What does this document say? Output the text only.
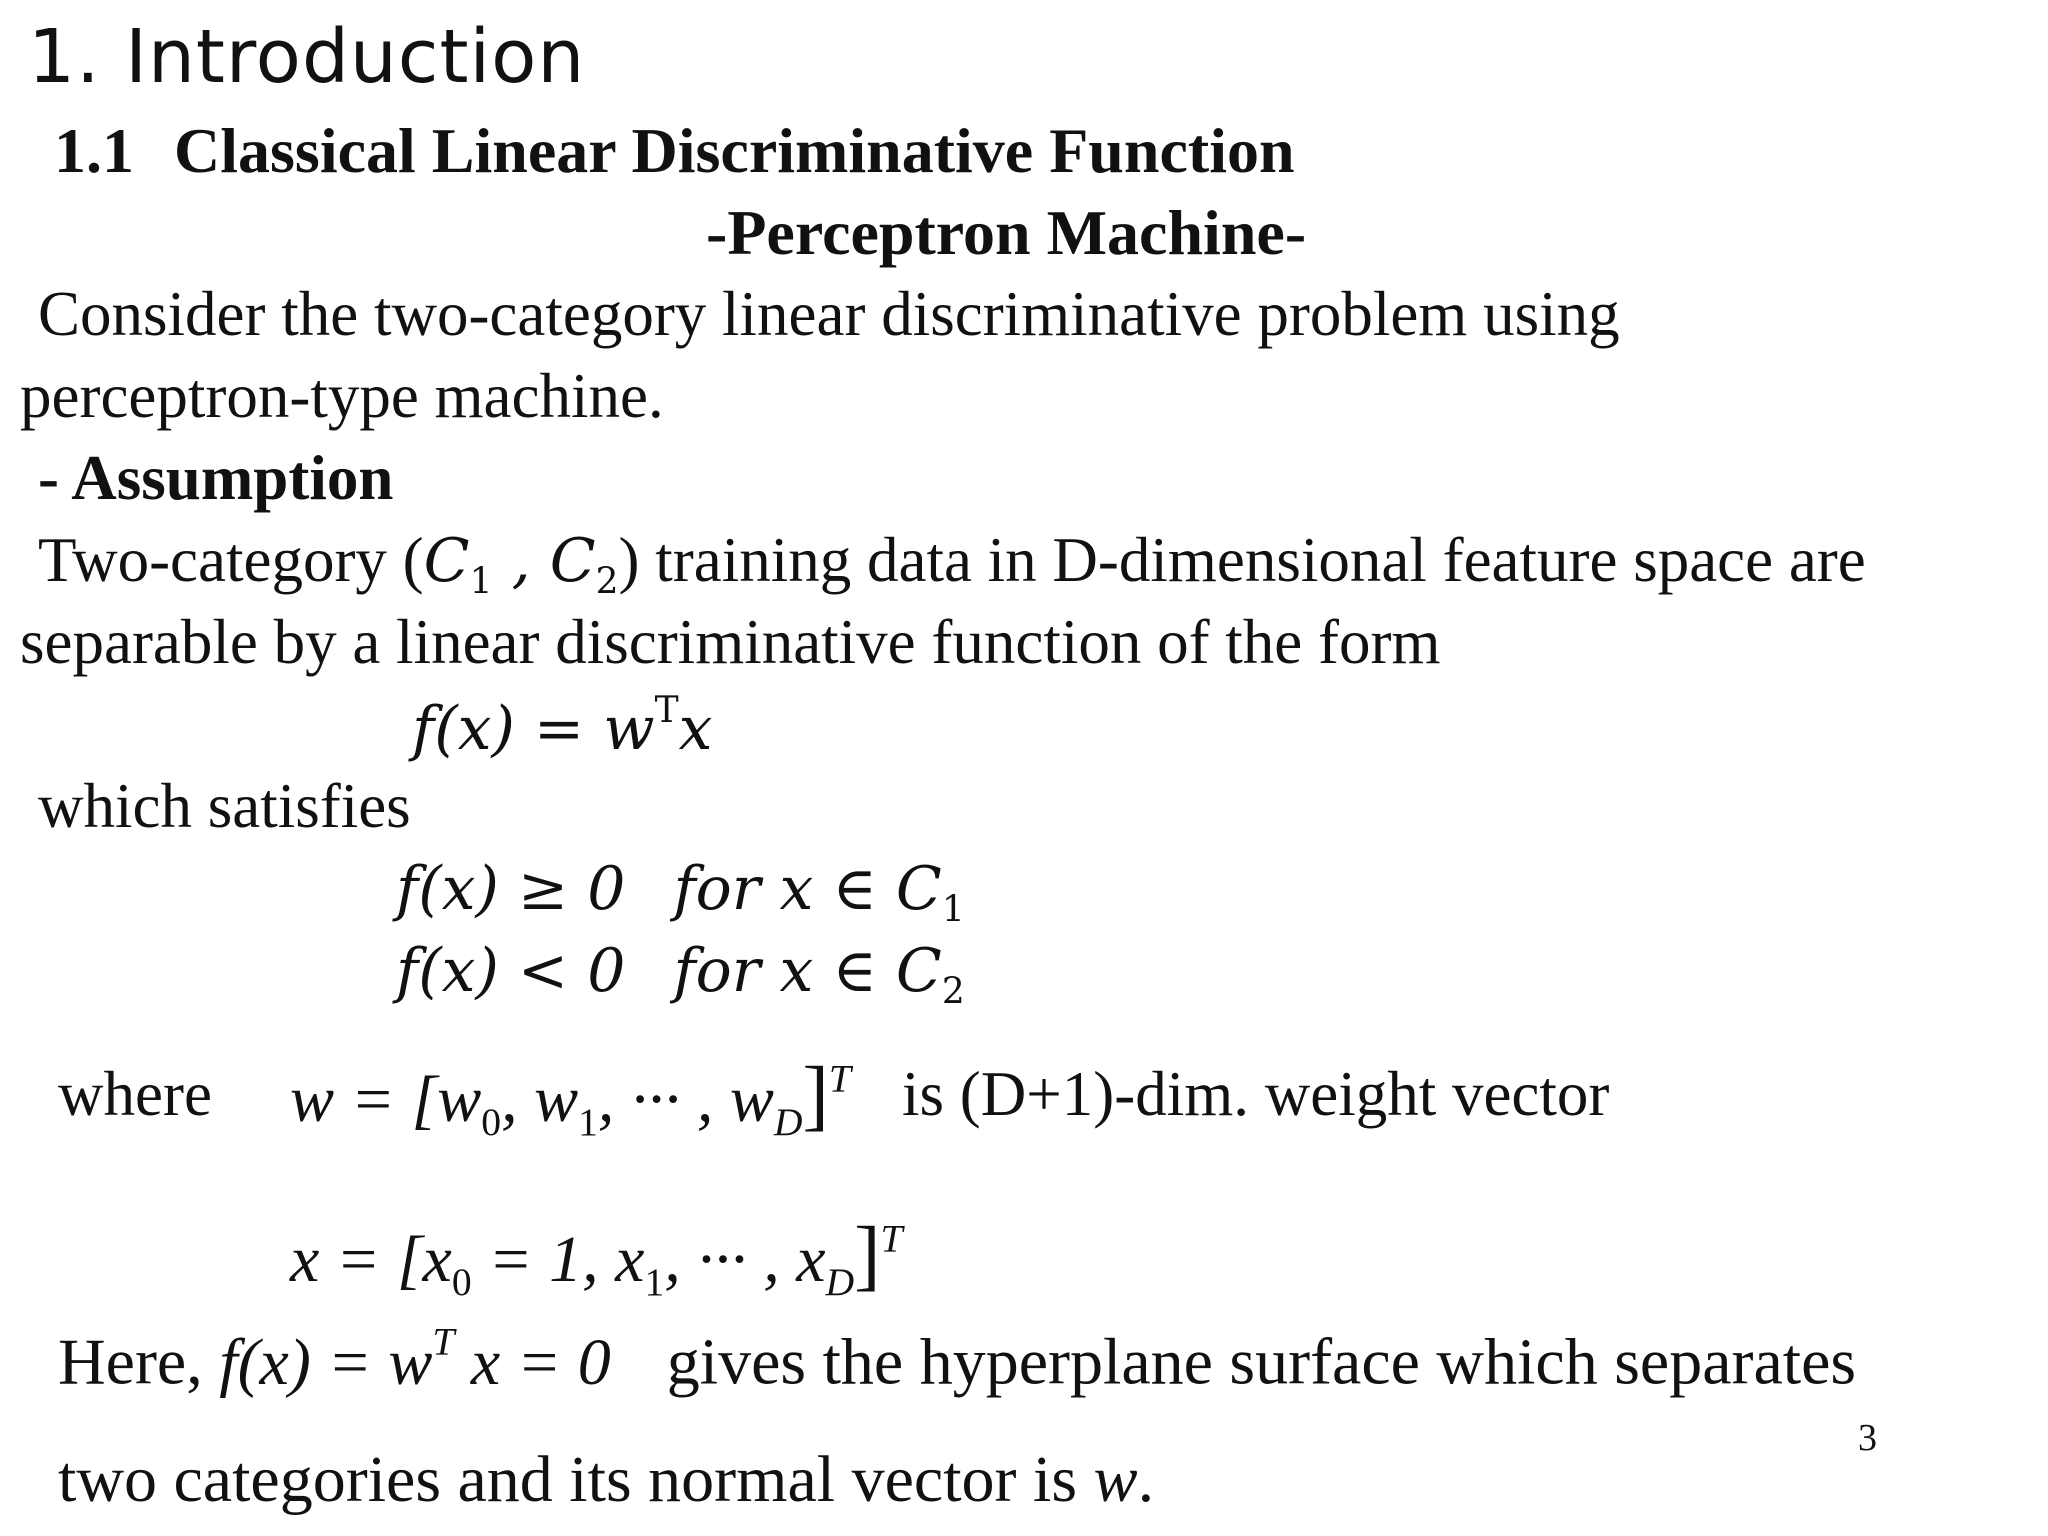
1. Introduction
1.1 Classical Linear Discriminative Function
-Perceptron Machine-
Consider the two-category linear discriminative problem using
perceptron-type machine.
- Assumption
Two-category ($C_1$ , $C_2$) training data in D-dimensional feature space are
separable by a linear discriminative function of the form
$f(x) = w^Tx$
which satisfies
f(x) ≥ 0 for x ∈ $C_1$
f(x) < 0 for x ∈ $C_2$
where $w = [w_0$, $w_1$, ··· , $w_D]^T$ is (D+1)-dim. weight vector
$x = [x_0 = 1$, $x_1$, ··· , $x_D]^T$
Here, $f(x) = w^T$ x = 0 gives the hyperplane surface which separates
two categories and its normal vector is w.
3
